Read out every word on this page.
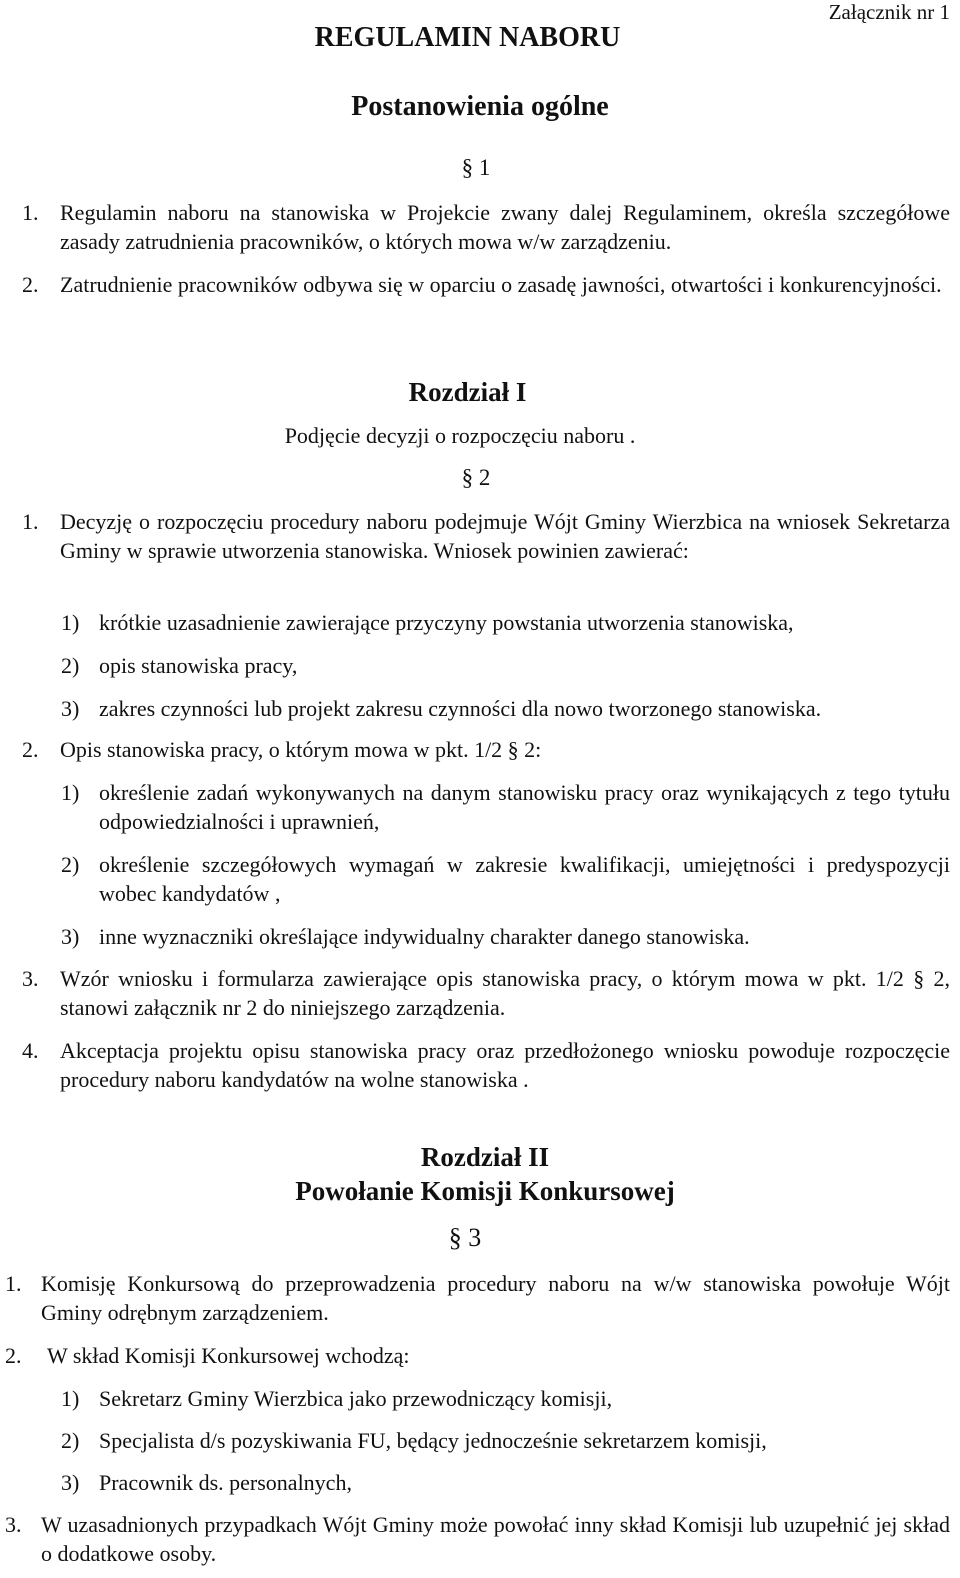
Załącznik nr 1
REGULAMIN NABORU
Postanowienia ogólne
§ 1
1. Regulamin naboru na stanowiska w Projekcie zwany dalej Regulaminem, określa szczegółowe zasady zatrudnienia pracowników, o których mowa w/w zarządzeniu.
2. Zatrudnienie pracowników odbywa się w oparciu o zasadę jawności, otwartości i konkurencyjności.
Rozdział I
Podjęcie decyzji o rozpoczęciu naboru .
§ 2
1. Decyzję o rozpoczęciu procedury naboru podejmuje Wójt Gminy Wierzbica na wniosek Sekretarza Gminy w sprawie utworzenia stanowiska. Wniosek powinien zawierać:
1) krótkie uzasadnienie zawierające przyczyny powstania utworzenia stanowiska,
2) opis stanowiska pracy,
3) zakres czynności lub projekt zakresu czynności dla nowo tworzonego stanowiska.
2. Opis stanowiska pracy, o którym mowa w pkt. 1/2 § 2:
1) określenie zadań wykonywanych na danym stanowisku pracy oraz wynikających z tego tytułu odpowiedzialności i uprawnień,
2) określenie szczegółowych wymagań w zakresie kwalifikacji, umiejętności i predyspozycji wobec kandydatów ,
3) inne wyznaczniki określające indywidualny charakter danego stanowiska.
3. Wzór wniosku i formularza zawierające opis stanowiska pracy, o którym mowa w pkt. 1/2 § 2, stanowi załącznik nr 2 do niniejszego zarządzenia.
4. Akceptacja projektu opisu stanowiska pracy oraz przedłożonego wniosku powoduje rozpoczęcie procedury naboru kandydatów na wolne stanowiska .
Rozdział II
Powołanie Komisji Konkursowej
§ 3
1. Komisję Konkursową do przeprowadzenia procedury naboru na w/w stanowiska powołuje Wójt Gminy odrębnym zarządzeniem.
2. W skład Komisji Konkursowej wchodzą:
1) Sekretarz Gminy Wierzbica jako przewodniczący komisji,
2) Specjalista d/s pozyskiwania FU, będący jednocześnie sekretarzem komisji,
3) Pracownik ds. personalnych,
3. W uzasadnionych przypadkach Wójt Gminy może powołać inny skład Komisji lub uzupełnić jej skład o dodatkowe osoby.
